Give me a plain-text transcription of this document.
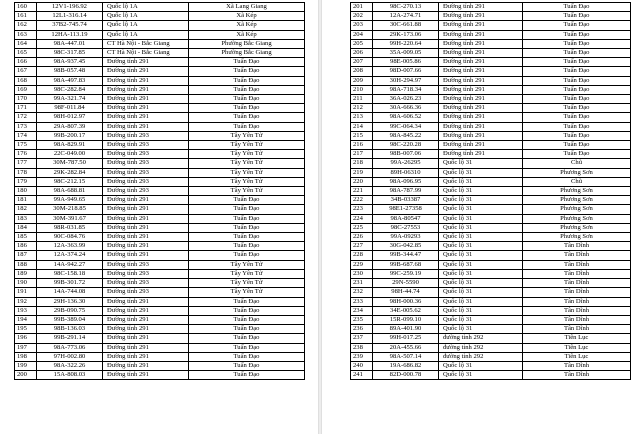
160	12V1-196.92	Quốc lộ 1A	Xã Lang Giang
161	12L1-316.14	Quốc lộ 1A	Xã Kép
162	37B2-745.74	Quốc lộ 1A	Xã Kép
163	12HA-113.19	Quốc lộ 1A	Xã Kép
164	98A-447.01	CT Hà Nội - Bắc Giang	Phường Bắc Giang
165	98C-317.85	CT Hà Nội - Bắc Giang	Phường Bắc Giang
166	98A-937.45	Đường tỉnh 291	Tuấn Đạo
167	98B-057.48	Đường tỉnh 291	Tuấn Đạo
168	98A-497.83	Đường tỉnh 291	Tuấn Đạo
169	98C-282.84	Đường tỉnh 291	Tuấn Đạo
170	99A-321.74	Đường tỉnh 291	Tuấn Đạo
171	98F-011.84	Đường tỉnh 291	Tuấn Đạo
172	98H-012.97	Đường tỉnh 291	Tuấn Đạo
173	29A-807.39	Đường tỉnh 291	Tuấn Đạo
174	99B-200.17	Đường tỉnh 293	Tây Yên Tử
175	98A-829.91	Đường tỉnh 293	Tây Yên Tử
176	22C-049.00	Đường tỉnh 293	Tây Yên Tử
177	30M-787.50	Đường tỉnh 293	Tây Yên Tử
178	29K-282.84	Đường tỉnh 293	Tây Yên Tử
179	98C-212.15	Đường tỉnh 293	Tây Yên Tử
180	98A-688.81	Đường tỉnh 293	Tây Yên Tử
181	99A-949.65	Đường tỉnh 291	Tuấn Đạo
182	30M-218.85	Đường tỉnh 291	Tuấn Đạo
183	30M-391.67	Đường tỉnh 291	Tuấn Đạo
184	98R-031.85	Đường tỉnh 291	Tuấn Đạo
185	90C-084.76	Đường tỉnh 291	Tuấn Đạo
186	12A-363.99	Đường tỉnh 291	Tuấn Đạo
187	12A-374.24	Đường tỉnh 291	Tuấn Đạo
188	14A-942.27	Đường tỉnh 293	Tây Yên Tử
189	98C-158.18	Đường tỉnh 293	Tây Yên Tử
190	99B-301.72	Đường tỉnh 293	Tây Yên Tử
191	14A-744.08	Đường tỉnh 293	Tây Yên Tử
192	29H-136.30	Đường tỉnh 291	Tuấn Đạo
193	29B-090.75	Đường tỉnh 291	Tuấn Đạo
194	99B-389.04	Đường tỉnh 291	Tuấn Đạo
195	98B-136.03	Đường tỉnh 291	Tuấn Đạo
196	99B-291.14	Đường tỉnh 291	Tuấn Đạo
197	98A-773.06	Đường tỉnh 291	Tuấn Đạo
198	97H-002.80	Đường tỉnh 291	Tuấn Đạo
199	98A-322.26	Đường tỉnh 291	Tuấn Đạo
200	15A-808.03	Đường tỉnh 291	Tuấn Đạo
201	98C-270.13	Đường tỉnh 291	Tuấn Đạo
202	12A-274.71	Đường tỉnh 291	Tuấn Đạo
203	30C-661.88	Đường tỉnh 291	Tuấn Đạo
204	29K-173.06	Đường tỉnh 291	Tuấn Đạo
205	99H-220.64	Đường tỉnh 291	Tuấn Đạo
206	35A-009.05	Đường tỉnh 291	Tuấn Đạo
207	98E-005.86	Đường tỉnh 291	Tuấn Đạo
208	98D-007.66	Đường tỉnh 291	Tuấn Đạo
209	30H-294.97	Đường tỉnh 291	Tuấn Đạo
210	98A-718.34	Đường tỉnh 291	Tuấn Đạo
211	36A-026.23	Đường tỉnh 291	Tuấn Đạo
212	30A-666.36	Đường tỉnh 291	Tuấn Đạo
213	98A-606.52	Đường tỉnh 291	Tuấn Đạo
214	99C-064.34	Đường tỉnh 291	Tuấn Đạo
215	98A-845.22	Đường tỉnh 291	Tuấn Đạo
216	98C-220.28	Đường tỉnh 291	Tuấn Đạo
217	98B-007.06	Đường tỉnh 291	Tuấn Đạo
218	99A-26295	Quốc lộ 31	Chũ
219	89H-06310	Quốc lộ 31	Phương Sơn
220	98A-096.95	Quốc lộ 31	Chũ
221	98A-787.99	Quốc lộ 31	Phương Sơn
222	34B-03387	Quốc lộ 31	Phương Sơn
223	98E1-27358	Quốc lộ 31	Phương Sơn
224	98A-80547	Quốc lộ 31	Phương Sơn
225	98C-27553	Quốc lộ 31	Phương Sơn
226	99A-09293	Quốc lộ 31	Phương Sơn
227	30G-042.85	Quốc lộ 31	Tân Dĩnh
228	99B-344.47	Quốc lộ 31	Tân Dĩnh
229	99B-687.68	Quốc lộ 31	Tân Dĩnh
230	99C-259.19	Quốc lộ 31	Tân Dĩnh
231	29N-5590	Quốc lộ 31	Tân Dĩnh
232	98H-44.74	Quốc lộ 31	Tân Dĩnh
233	98H-000.36	Quốc lộ 31	Tân Dĩnh
234	34E-005.62	Quốc lộ 31	Tân Dĩnh
235	15R-099.10	Quốc lộ 31	Tân Dĩnh
236	89A-401.90	Quốc lộ 31	Tân Dĩnh
237	99H-017.25	đường tỉnh 292	Tiên Lục
238	20A-455.66	đường tỉnh 292	Tiên Lục
239	98A-507.14	đường tỉnh 292	Tiên Lục
240	19A-686.82	Quốc lộ 31	Tân Dĩnh
241	82D-000.78	Quốc lộ 31	Tân Dĩnh
